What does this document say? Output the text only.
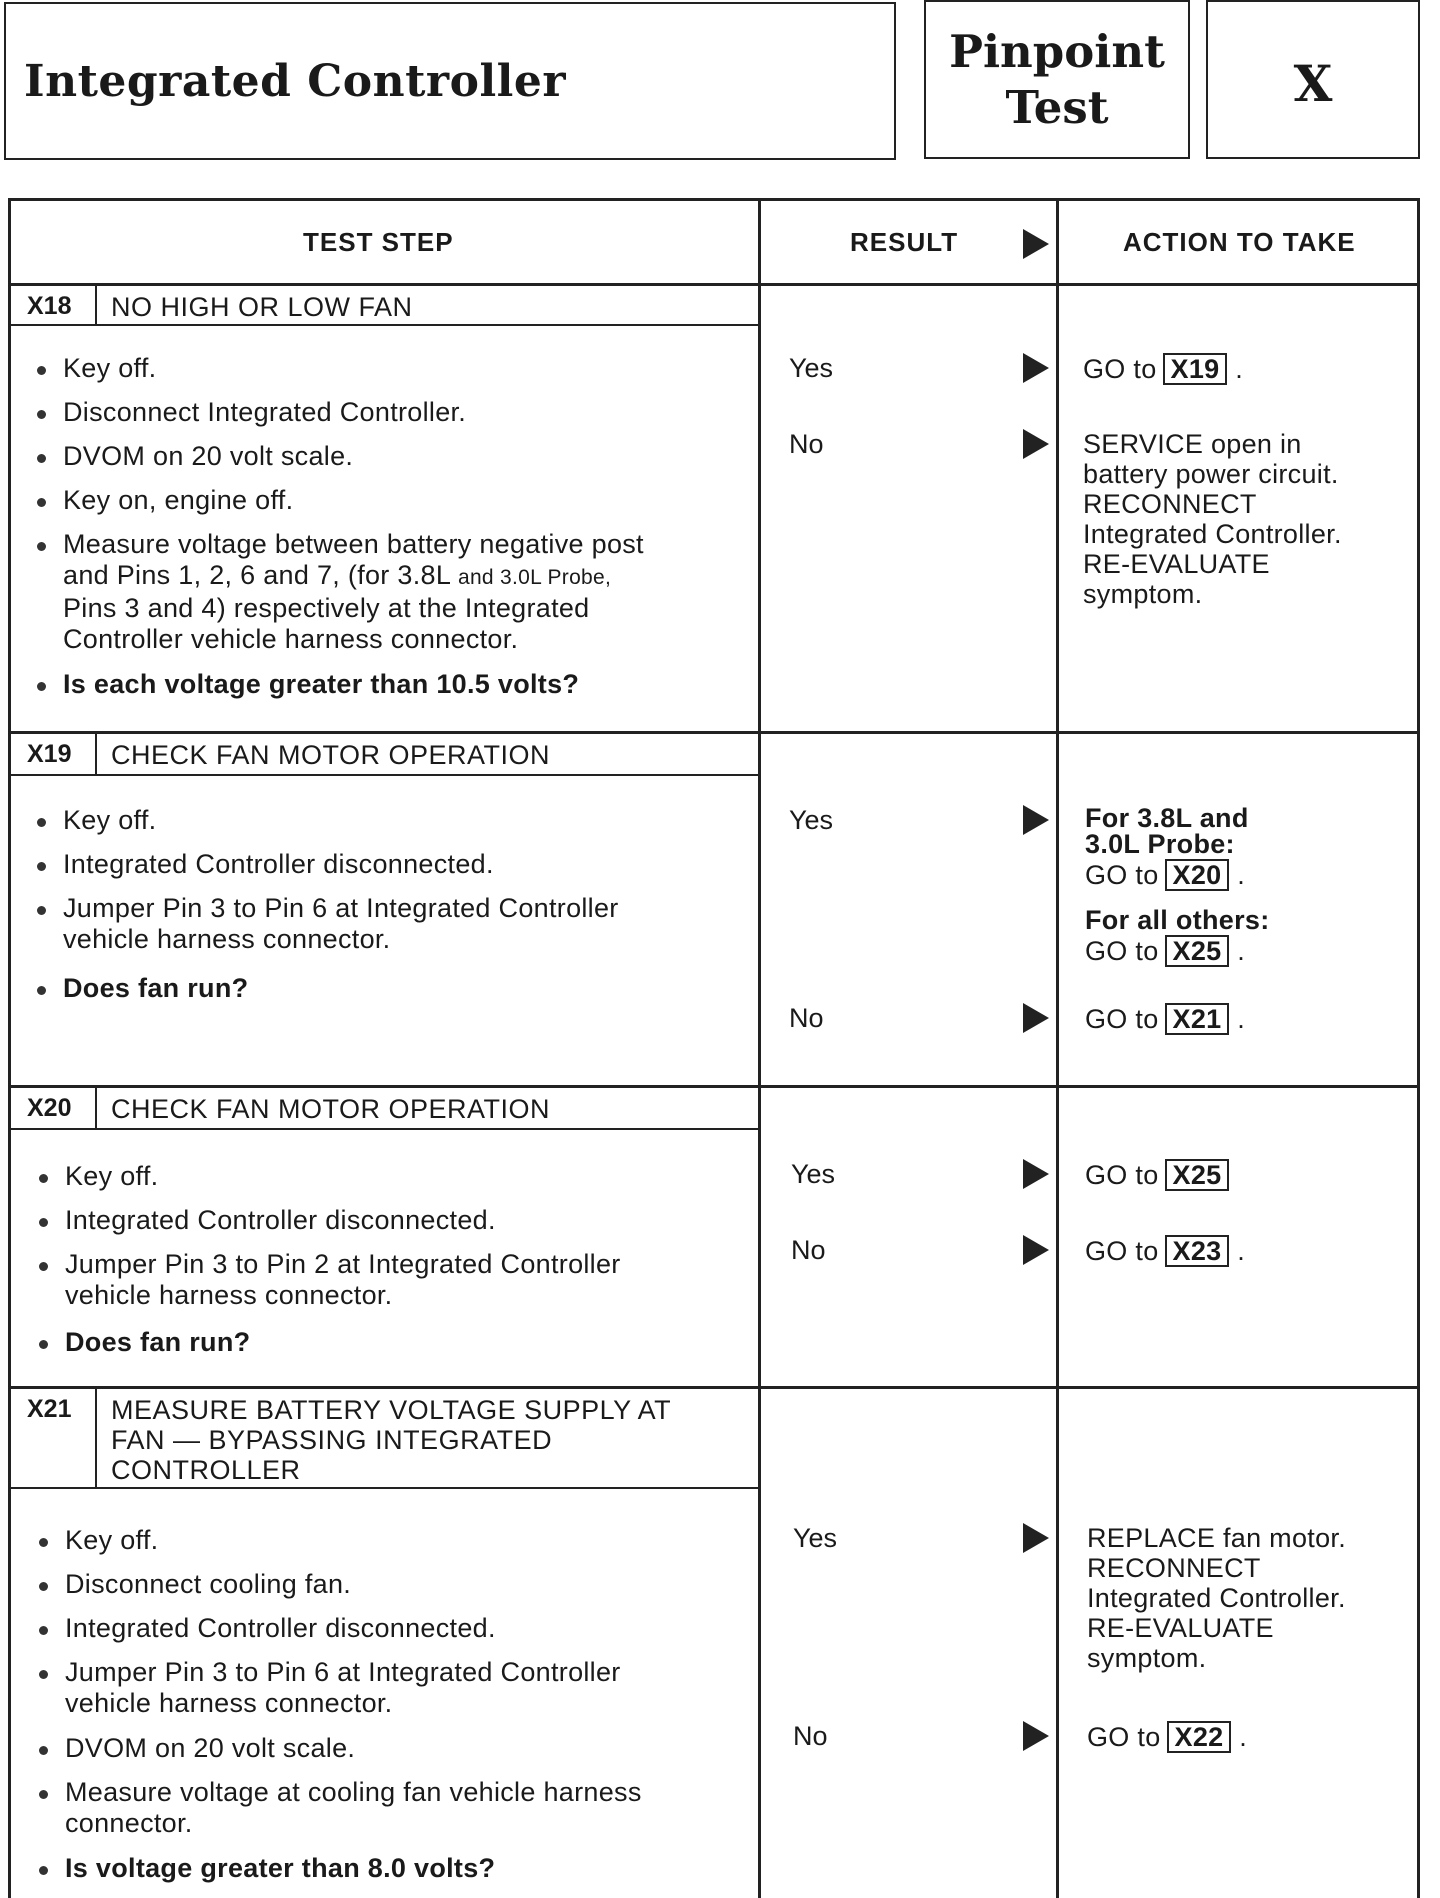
Integrated Controller
Pinpoint
Test	X
TEST STEP	RESULT	ACTION TO TAKE
X18	NO HIGH OR LOW FAN
Key off.
Disconnect Integrated Controller.
DVOM on 20 volt scale.
Key on, engine off.
Measure voltage between battery negative post
and Pins 1, 2, 6 and 7, (for 3.8L and 3.0L Probe,
Pins 3 and 4) respectively at the Integrated
Controller vehicle harness connector.
Is each voltage greater than 10.5 volts?
Yes	GO to X19 .
No	SERVICE open in
battery power circuit.
RECONNECT
Integrated Controller.
RE-EVALUATE
symptom.
X19	CHECK FAN MOTOR OPERATION
Key off.
Integrated Controller disconnected.
Jumper Pin 3 to Pin 6 at Integrated Controller
vehicle harness connector.
Does fan run?
Yes	For 3.8L and
3.0L Probe:
GO to X20 .
For all others:
GO to X25 .
No	GO to X21 .
X20	CHECK FAN MOTOR OPERATION
Key off.
Integrated Controller disconnected.
Jumper Pin 3 to Pin 2 at Integrated Controller
vehicle harness connector.
Does fan run?
Yes	GO to X25
No	GO to X23 .
X21	MEASURE BATTERY VOLTAGE SUPPLY AT
FAN — BYPASSING INTEGRATED
CONTROLLER
Key off.
Disconnect cooling fan.
Integrated Controller disconnected.
Jumper Pin 3 to Pin 6 at Integrated Controller
vehicle harness connector.
DVOM on 20 volt scale.
Measure voltage at cooling fan vehicle harness
connector.
Is voltage greater than 8.0 volts?
Yes	REPLACE fan motor.
RECONNECT
Integrated Controller.
RE-EVALUATE
symptom.
No	GO to X22 .
